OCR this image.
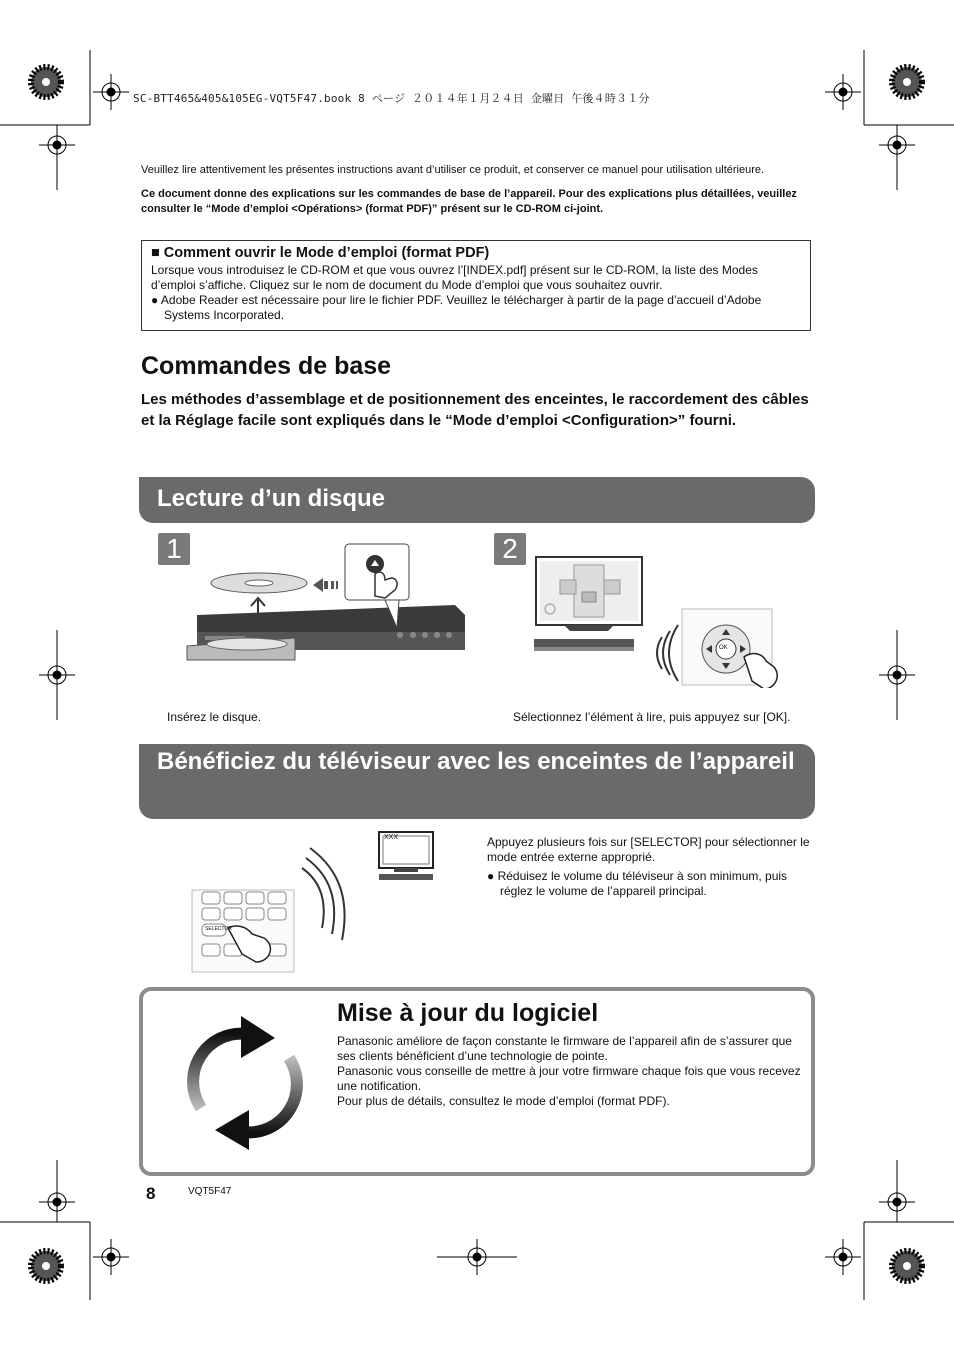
SC-BTT465&405&105EG-VQT5F47.book 8 ページ ２０１４年１月２４日 金曜日 午後４時３１分
Veuillez lire attentivement les présentes instructions avant d’utiliser ce produit, et conserver ce manuel pour utilisation ultérieure.
Ce document donne des explications sur les commandes de base de l’appareil. Pour des explications plus détaillées, veuillez consulter le “Mode d’emploi <Opérations> (format PDF)” présent sur le CD-ROM ci-joint.
■ Comment ouvrir le Mode d’emploi (format PDF)
Lorsque vous introduisez le CD-ROM et que vous ouvrez l’[INDEX.pdf] présent sur le CD-ROM, la liste des Modes d’emploi s’affiche. Cliquez sur le nom de document du Mode d’emploi que vous souhaitez ouvrir.
● Adobe Reader est nécessaire pour lire le fichier PDF. Veuillez le télécharger à partir de la page d’accueil d’Adobe Systems Incorporated.
Commandes de base
Les méthodes d’assemblage et de positionnement des enceintes, le raccordement des câbles et la Réglage facile sont expliqués dans le “Mode d’emploi <Configuration>” fourni.
Lecture d’un disque
1	2
OK
Insérez le disque.	Sélectionnez l’élément à lire, puis appuyez sur [OK].
Bénéficiez du téléviseur avec les enceintes de l’appareil
XXX
SELECTOR
Appuyez plusieurs fois sur [SELECTOR] pour sélectionner le mode entrée externe approprié.
● Réduisez le volume du téléviseur à son minimum, puis réglez le volume de l’appareil principal.
Mise à jour du logiciel
Panasonic améliore de façon constante le firmware de l’appareil afin de s’assurer que ses clients bénéficient d’une technologie de pointe.
Panasonic vous conseille de mettre à jour votre firmware chaque fois que vous recevez une notification.
Pour plus de détails, consultez le mode d’emploi (format PDF).
8	VQT5F47
